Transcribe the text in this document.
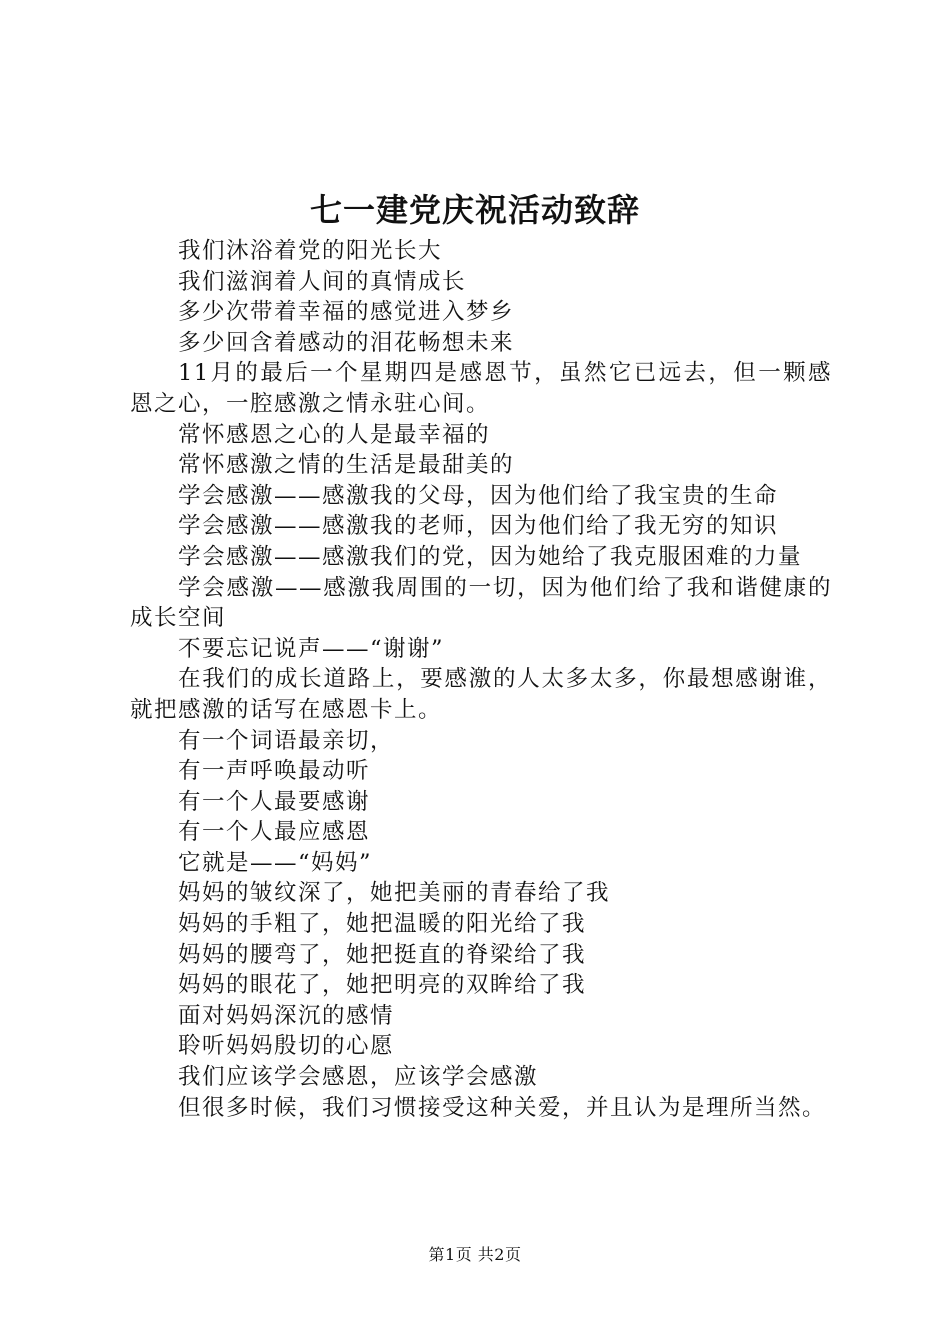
七一建党庆祝活动致辞

我们沐浴着党的阳光长大

我们滋润着人间的真情成长

多少次带着幸福的感觉进入梦乡

多少回含着感动的泪花畅想未来

11月的最后一个星期四是感恩节，虽然它已远去，但一颗感恩之心，一腔感激之情永驻心间。

常怀感恩之心的人是最幸福的

常怀感激之情的生活是最甜美的

学会感激——感激我的父母，因为他们给了我宝贵的生命

学会感激——感激我的老师，因为他们给了我无穷的知识

学会感激——感激我们的党，因为她给了我克服困难的力量

学会感激——感激我周围的一切，因为他们给了我和谐健康的成长空间

不要忘记说声——“谢谢”

在我们的成长道路上，要感激的人太多太多，你最想感谢谁，就把感激的话写在感恩卡上。

有一个词语最亲切，

有一声呼唤最动听

有一个人最要感谢

有一个人最应感恩

它就是——“妈妈”

妈妈的皱纹深了，她把美丽的青春给了我

妈妈的手粗了，她把温暖的阳光给了我

妈妈的腰弯了，她把挺直的脊梁给了我

妈妈的眼花了，她把明亮的双眸给了我

面对妈妈深沉的感情

聆听妈妈殷切的心愿

我们应该学会感恩，应该学会感激

但很多时候，我们习惯接受这种关爱，并且认为是理所当然。

第1页 共2页
